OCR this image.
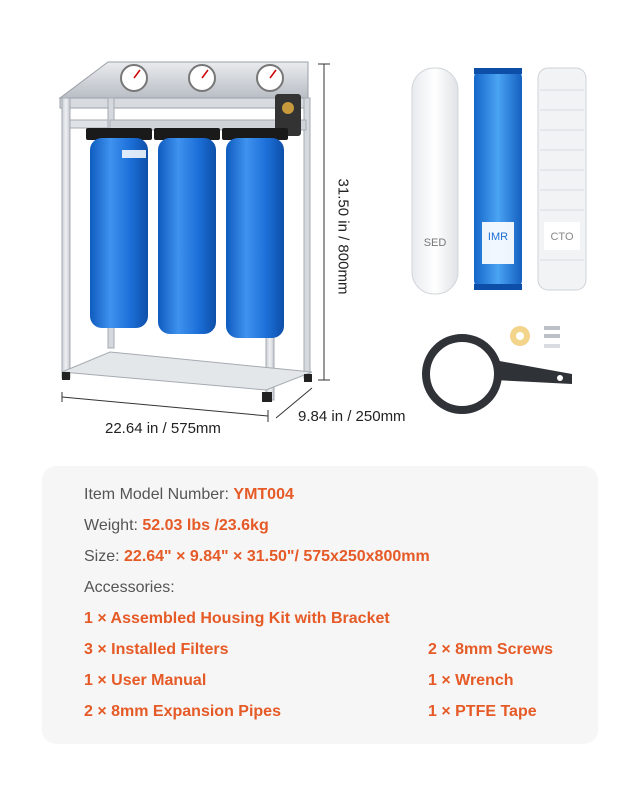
SED	IMR	CTO
22.64 in / 575mm
9.84 in / 250mm
31.50 in / 800mm
Item Model Number: YMT004
Weight: 52.03 lbs /23.6kg
Size: 22.64" × 9.84" × 31.50"/ 575x250x800mm
Accessories:
1 × Assembled Housing Kit with Bracket
3 × Installed Filters
1 × User Manual
2 × 8mm Expansion Pipes
2 × 8mm Screws
1 × Wrench
1 × PTFE Tape
